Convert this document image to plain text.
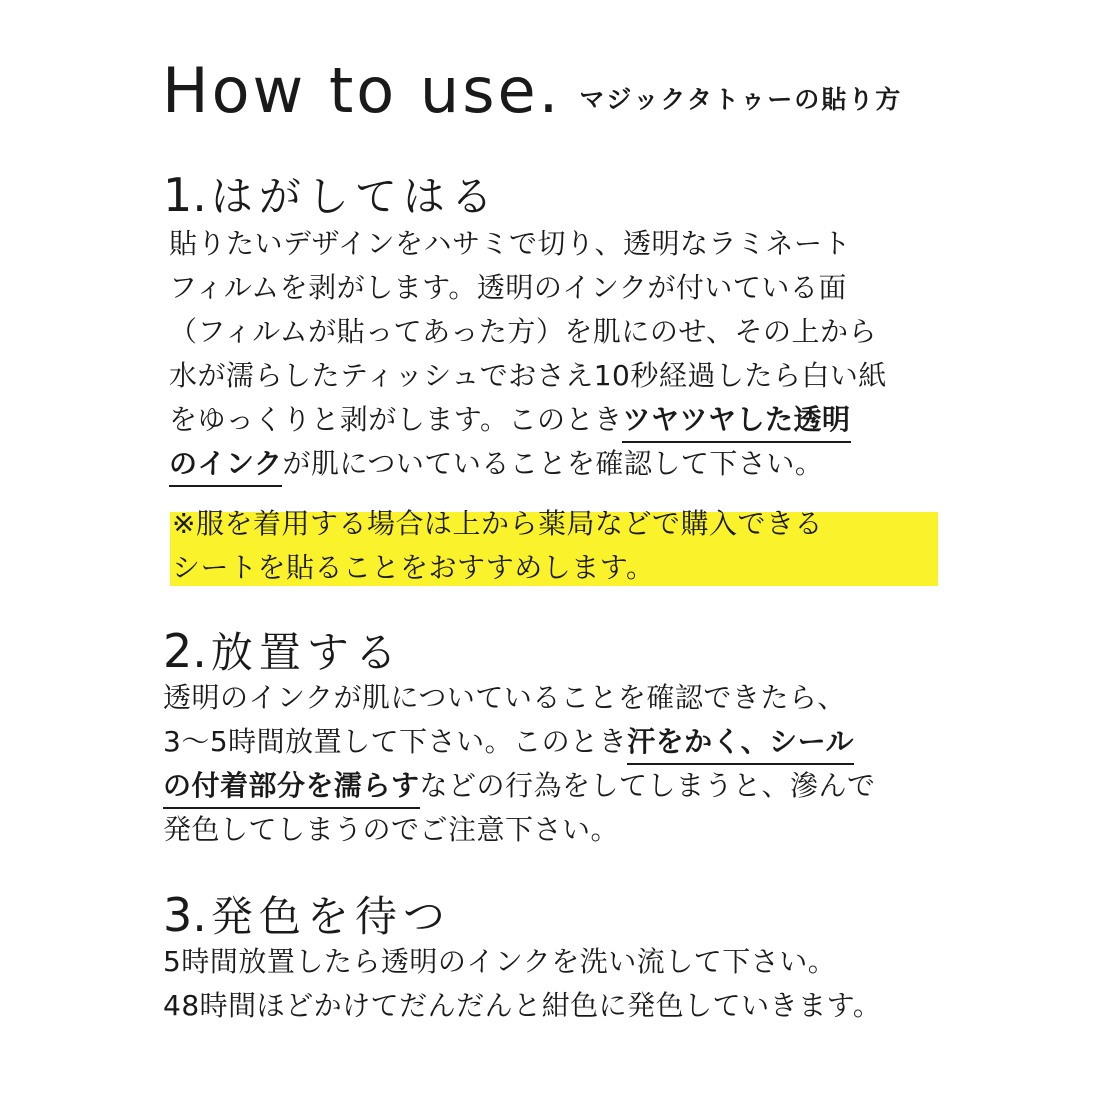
How to use. マジックタトゥーの貼り方
1.はがしてはる
貼りたいデザインをハサミで切り、透明なラミネート
フィルムを剥がします。透明のインクが付いている面
（フィルムが貼ってあった方）を肌にのせ、その上から
水が濡らしたティッシュでおさえ10秒経過したら白い紙
をゆっくりと剥がします。このときツヤツヤした透明
のインクが肌についていることを確認して下さい。
※服を着用する場合は上から薬局などで購入できる
シートを貼ることをおすすめします。
2.放置する
透明のインクが肌についていることを確認できたら、
3〜5時間放置して下さい。このとき汗をかく、シール
の付着部分を濡らすなどの行為をしてしまうと、滲んで
発色してしまうのでご注意下さい。
3.発色を待つ
5時間放置したら透明のインクを洗い流して下さい。
48時間ほどかけてだんだんと紺色に発色していきます。
